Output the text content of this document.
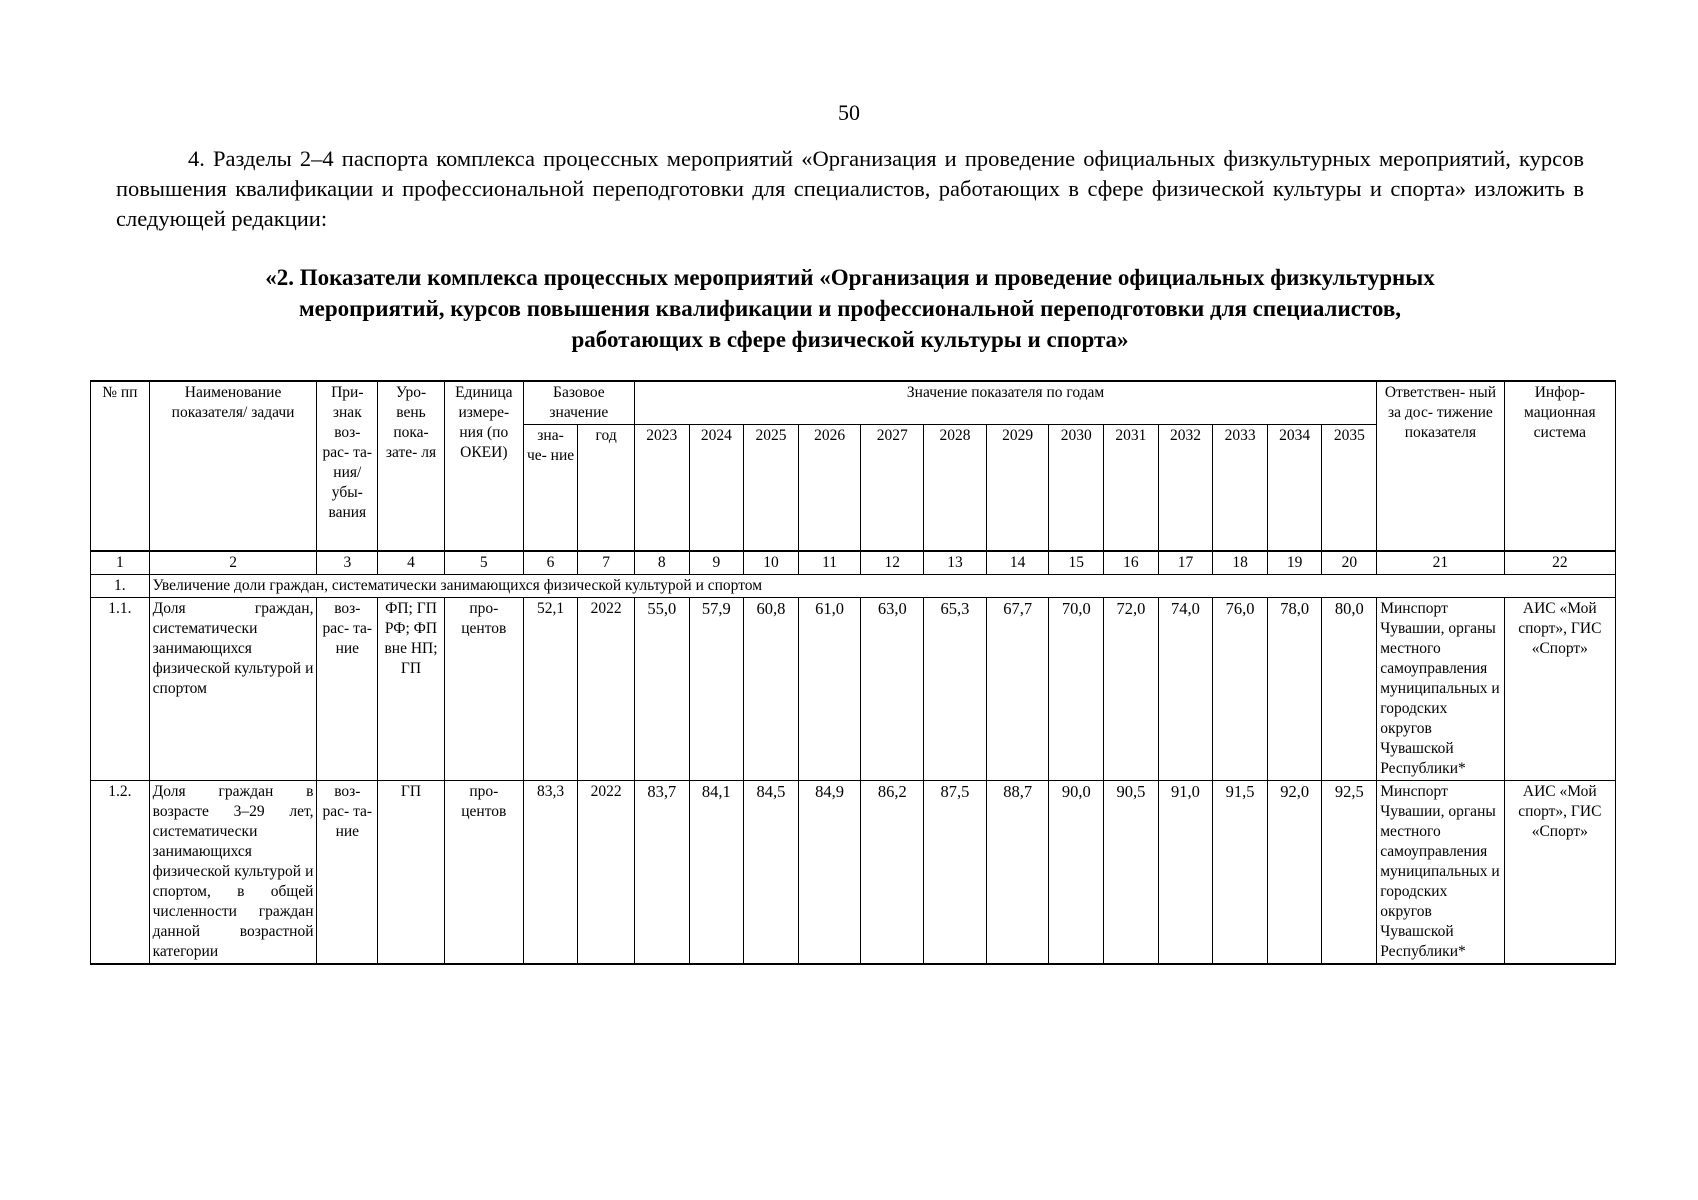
50
4. Разделы 2–4 паспорта комплекса процессных мероприятий «Организация и проведение официальных физкультурных мероприятий, курсов повышения квалификации и профессиональной переподготовки для специалистов, работающих в сфере физической культуры и спорта» изложить в следующей редакции:
«2. Показатели комплекса процессных мероприятий «Организация и проведение официальных физкультурных
мероприятий, курсов повышения квалификации и профессиональной переподготовки для специалистов,
работающих в сфере физической культуры и спорта»
№ пп	Наименование показателя/ задачи	При- знак воз- рас- та- ния/ убы- вания	Уро- вень пока- зате- ля	Единица измере- ния (по ОКЕИ)	Базовое значение		Значение показателя по годам													Ответствен- ный за дос- тижение показателя	Инфор- мационная система
					зна- че- ние	год	2023	2024	2025	2026	2027	2028	2029	2030	2031	2032	2033	2034	2035		
1	2	3	4	5	6	7	8	9	10	11	12	13	14	15	16	17	18	19	20	21	22
1.	Увеличение доли граждан, систематически занимающихся физической культурой и спортом																				
1.1.	Доля граждан, систематически занимающихся физической культурой и спортом	воз- рас- та- ние	ФП; ГП РФ; ФП вне НП; ГП	про- центов	52,1	2022	55,0	57,9	60,8	61,0	63,0	65,3	67,7	70,0	72,0	74,0	76,0	78,0	80,0	Минспорт Чувашии, органы местного самоуправления муниципальных и городских округов Чувашской Республики*	АИС «Мой спорт», ГИС «Спорт»
1.2.	Доля граждан в возрасте 3–29 лет, систематически занимающихся физической культурой и спортом, в общей численности граждан данной возрастной категории	воз- рас- та- ние	ГП	про- центов	83,3	2022	83,7	84,1	84,5	84,9	86,2	87,5	88,7	90,0	90,5	91,0	91,5	92,0	92,5	Минспорт Чувашии, органы местного самоуправления муниципальных и городских округов Чувашской Республики*	АИС «Мой спорт», ГИС «Спорт»
